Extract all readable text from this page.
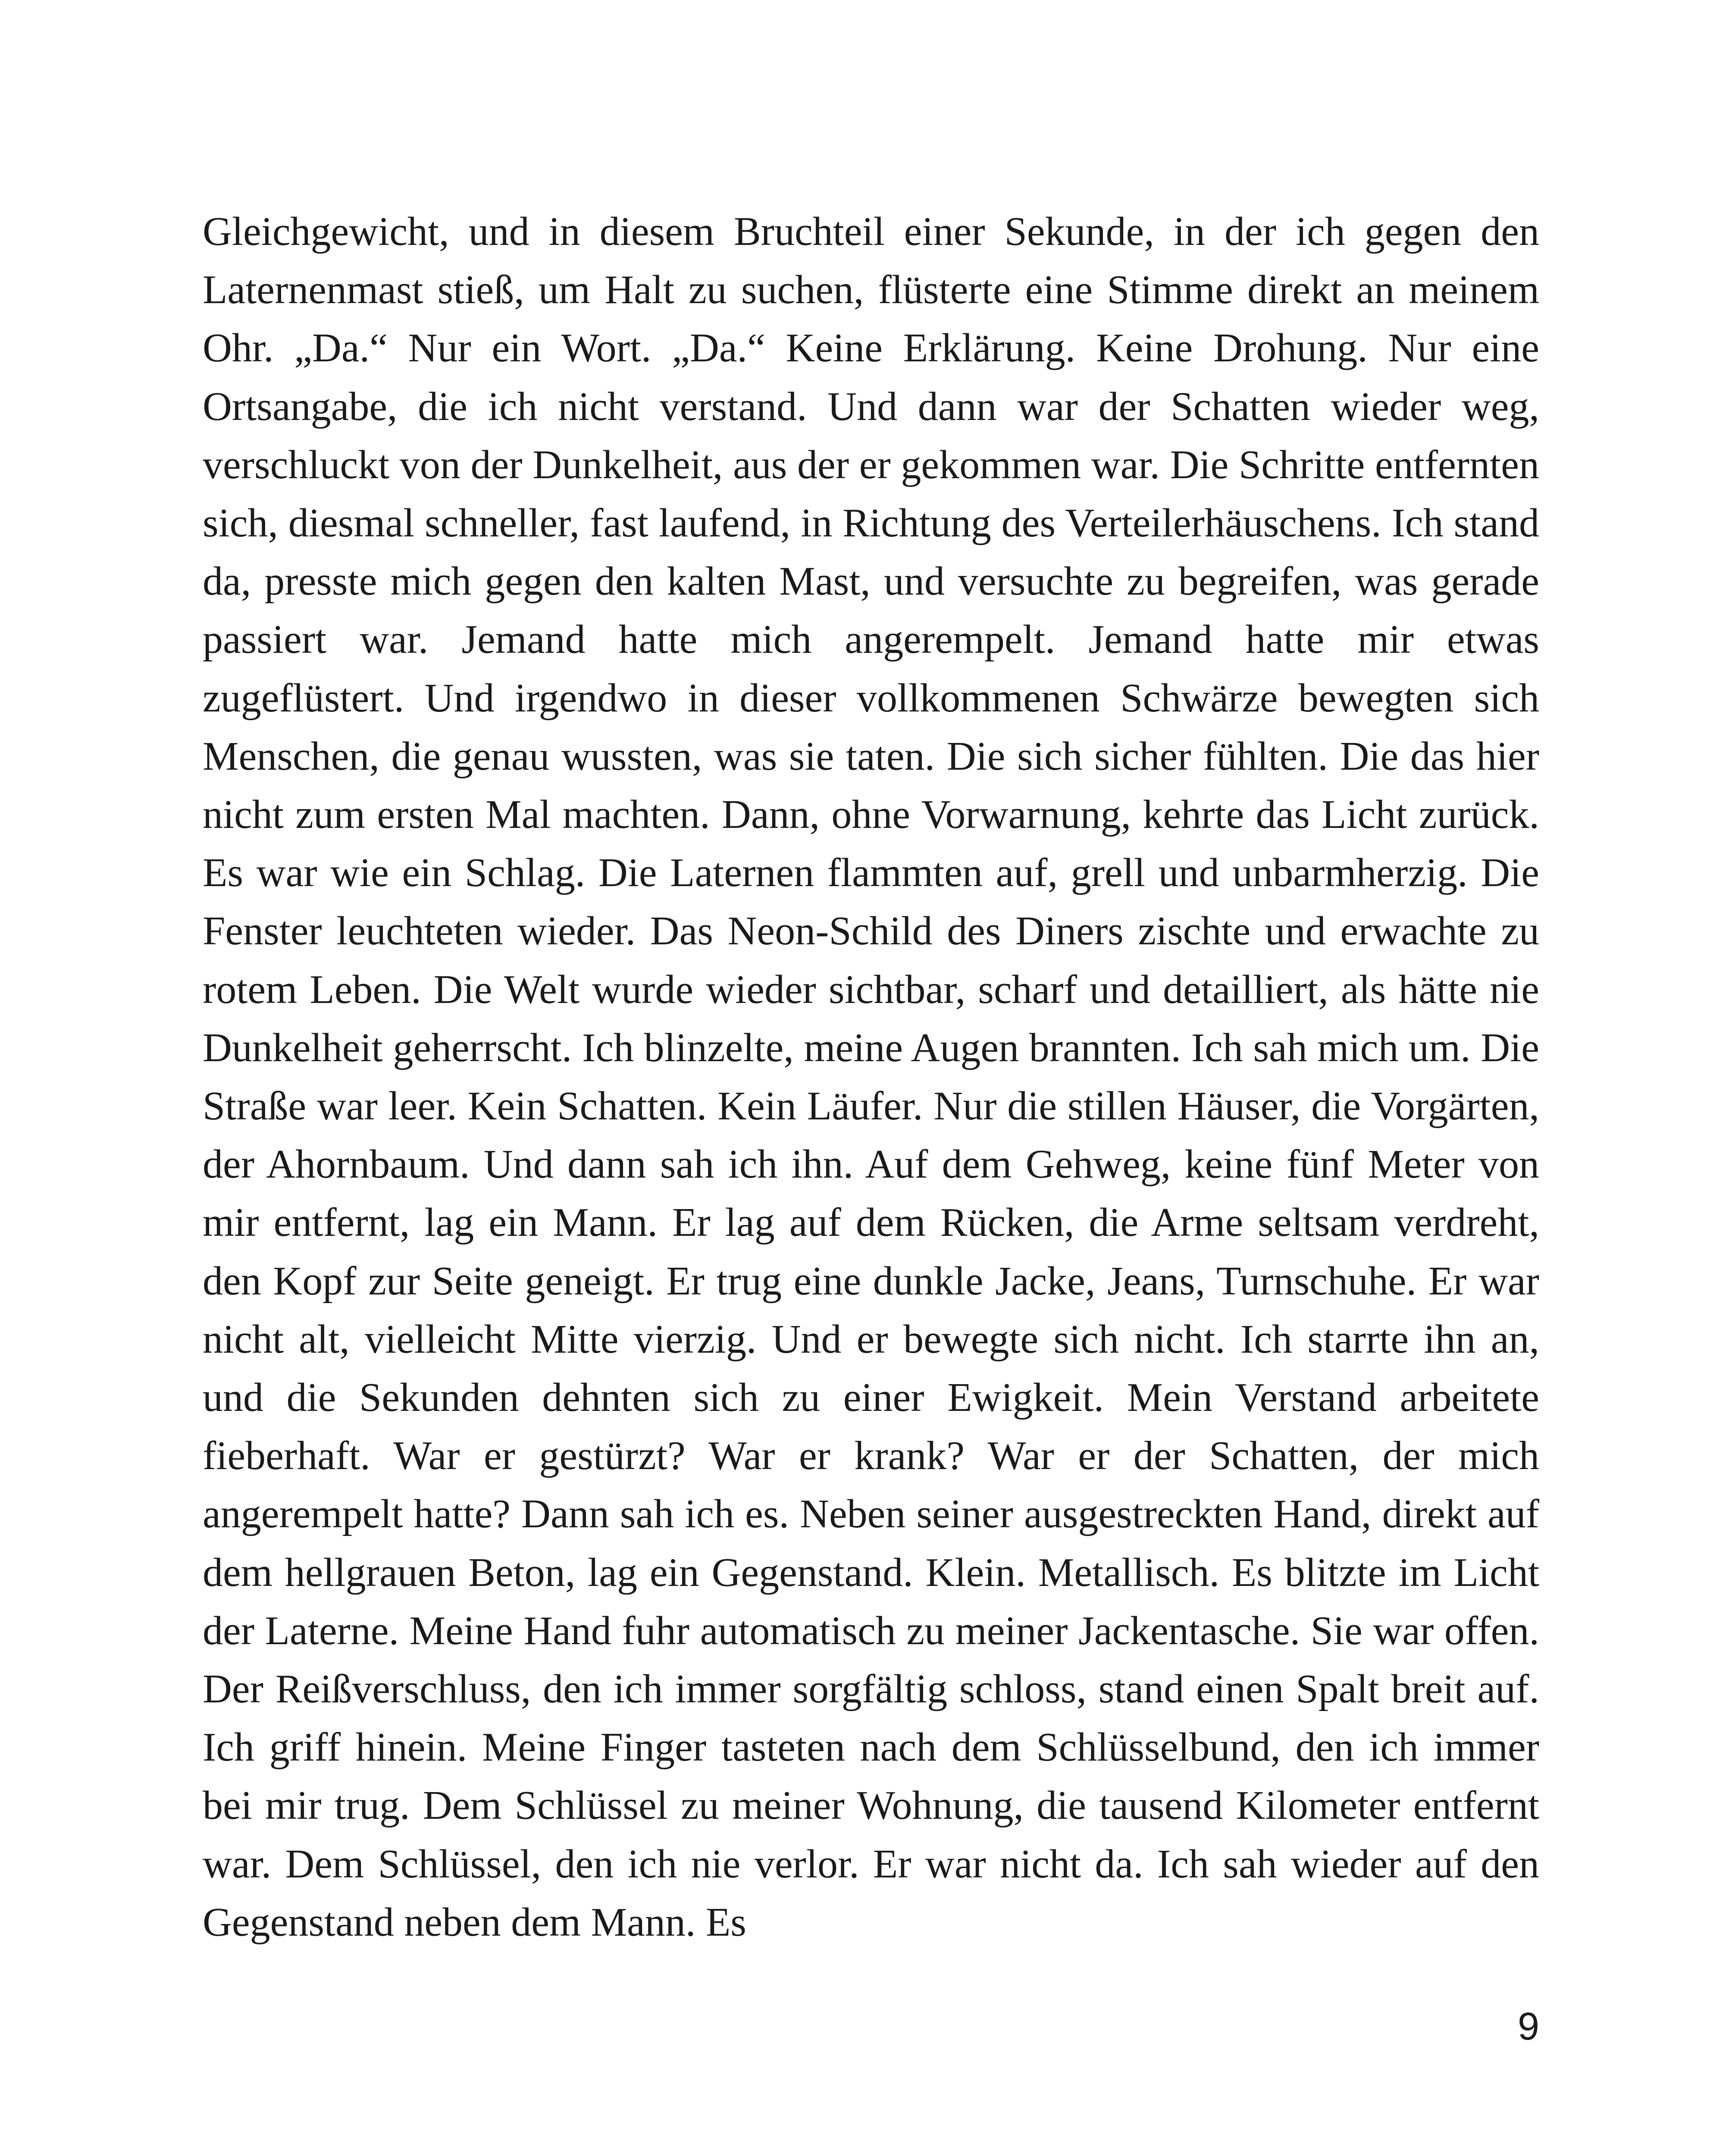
Gleichgewicht, und in diesem Bruchteil einer Sekunde, in der ich gegen den Laternenmast stieß, um Halt zu suchen, flüsterte eine Stimme direkt an meinem Ohr. „Da.“ Nur ein Wort. „Da.“ Keine Erklärung. Keine Drohung. Nur eine Ortsangabe, die ich nicht verstand. Und dann war der Schatten wieder weg, verschluckt von der Dunkelheit, aus der er gekommen war. Die Schritte entfernten sich, diesmal schneller, fast laufend, in Richtung des Verteilerhäuschens. Ich stand da, presste mich gegen den kalten Mast, und versuchte zu begreifen, was gerade passiert war. Jemand hatte mich angerempelt. Jemand hatte mir etwas zugeflüstert. Und irgendwo in dieser vollkommenen Schwärze bewegten sich Menschen, die genau wussten, was sie taten. Die sich sicher fühlten. Die das hier nicht zum ersten Mal machten. Dann, ohne Vorwarnung, kehrte das Licht zurück. Es war wie ein Schlag. Die Laternen flammten auf, grell und unbarmherzig. Die Fenster leuchteten wieder. Das Neon-Schild des Diners zischte und erwachte zu rotem Leben. Die Welt wurde wieder sichtbar, scharf und detailliert, als hätte nie Dunkelheit geherrscht. Ich blinzelte, meine Augen brannten. Ich sah mich um. Die Straße war leer. Kein Schatten. Kein Läufer. Nur die stillen Häuser, die Vorgärten, der Ahornbaum. Und dann sah ich ihn. Auf dem Gehweg, keine fünf Meter von mir entfernt, lag ein Mann. Er lag auf dem Rücken, die Arme seltsam verdreht, den Kopf zur Seite geneigt. Er trug eine dunkle Jacke, Jeans, Turnschuhe. Er war nicht alt, vielleicht Mitte vierzig. Und er bewegte sich nicht. Ich starrte ihn an, und die Sekunden dehnten sich zu einer Ewigkeit. Mein Verstand arbeitete fieberhaft. War er gestürzt? War er krank? War er der Schatten, der mich angerempelt hatte? Dann sah ich es. Neben seiner ausgestreckten Hand, direkt auf dem hellgrauen Beton, lag ein Gegenstand. Klein. Metallisch. Es blitzte im Licht der Laterne. Meine Hand fuhr automatisch zu meiner Jackentasche. Sie war offen. Der Reißverschluss, den ich immer sorgfältig schloss, stand einen Spalt breit auf. Ich griff hinein. Meine Finger tasteten nach dem Schlüsselbund, den ich immer bei mir trug. Dem Schlüssel zu meiner Wohnung, die tausend Kilometer entfernt war. Dem Schlüssel, den ich nie verlor. Er war nicht da. Ich sah wieder auf den Gegenstand neben dem Mann. Es

9
